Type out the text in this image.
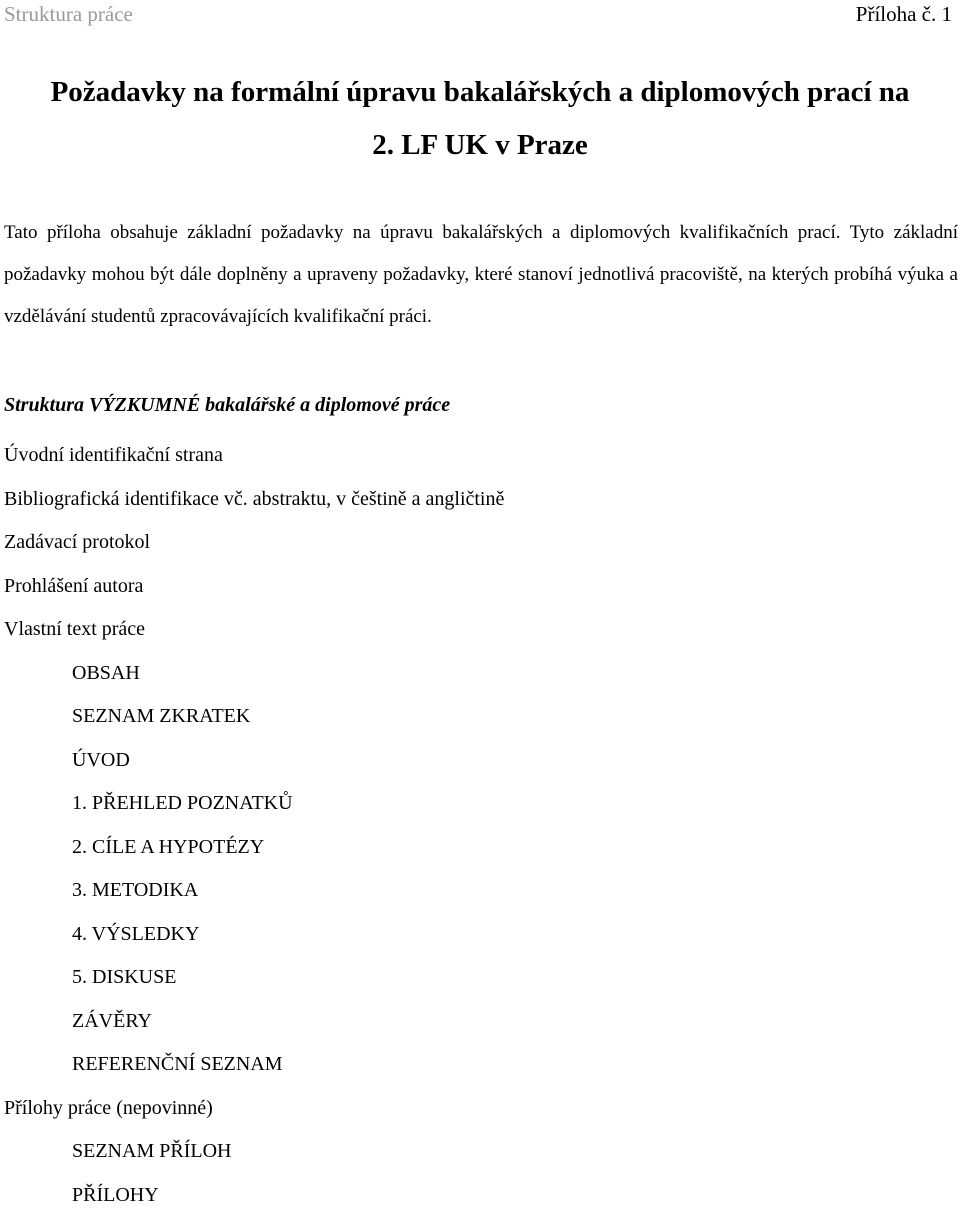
Struktura práce	Příloha č. 1
Požadavky na formální úpravu bakalářských a diplomových prací na
2. LF UK v Praze

Tato příloha obsahuje základní požadavky na úpravu bakalářských a diplomových kvalifikačních prací. Tyto základní požadavky mohou být dále doplněny a upraveny požadavky, které stanoví jednotlivá pracoviště, na kterých probíhá výuka a vzdělávání studentů zpracovávajících kvalifikační práci.

Struktura VÝZKUMNÉ bakalářské a diplomové práce
Úvodní identifikační strana
Bibliografická identifikace vč. abstraktu, v češtině a angličtině
Zadávací protokol
Prohlášení autora
Vlastní text práce
OBSAH
SEZNAM ZKRATEK
ÚVOD
1. PŘEHLED POZNATKŮ
2. CÍLE A HYPOTÉZY
3. METODIKA
4. VÝSLEDKY
5. DISKUSE
ZÁVĚRY
REFERENČNÍ SEZNAM
Přílohy práce (nepovinné)
SEZNAM PŘÍLOH
PŘÍLOHY
